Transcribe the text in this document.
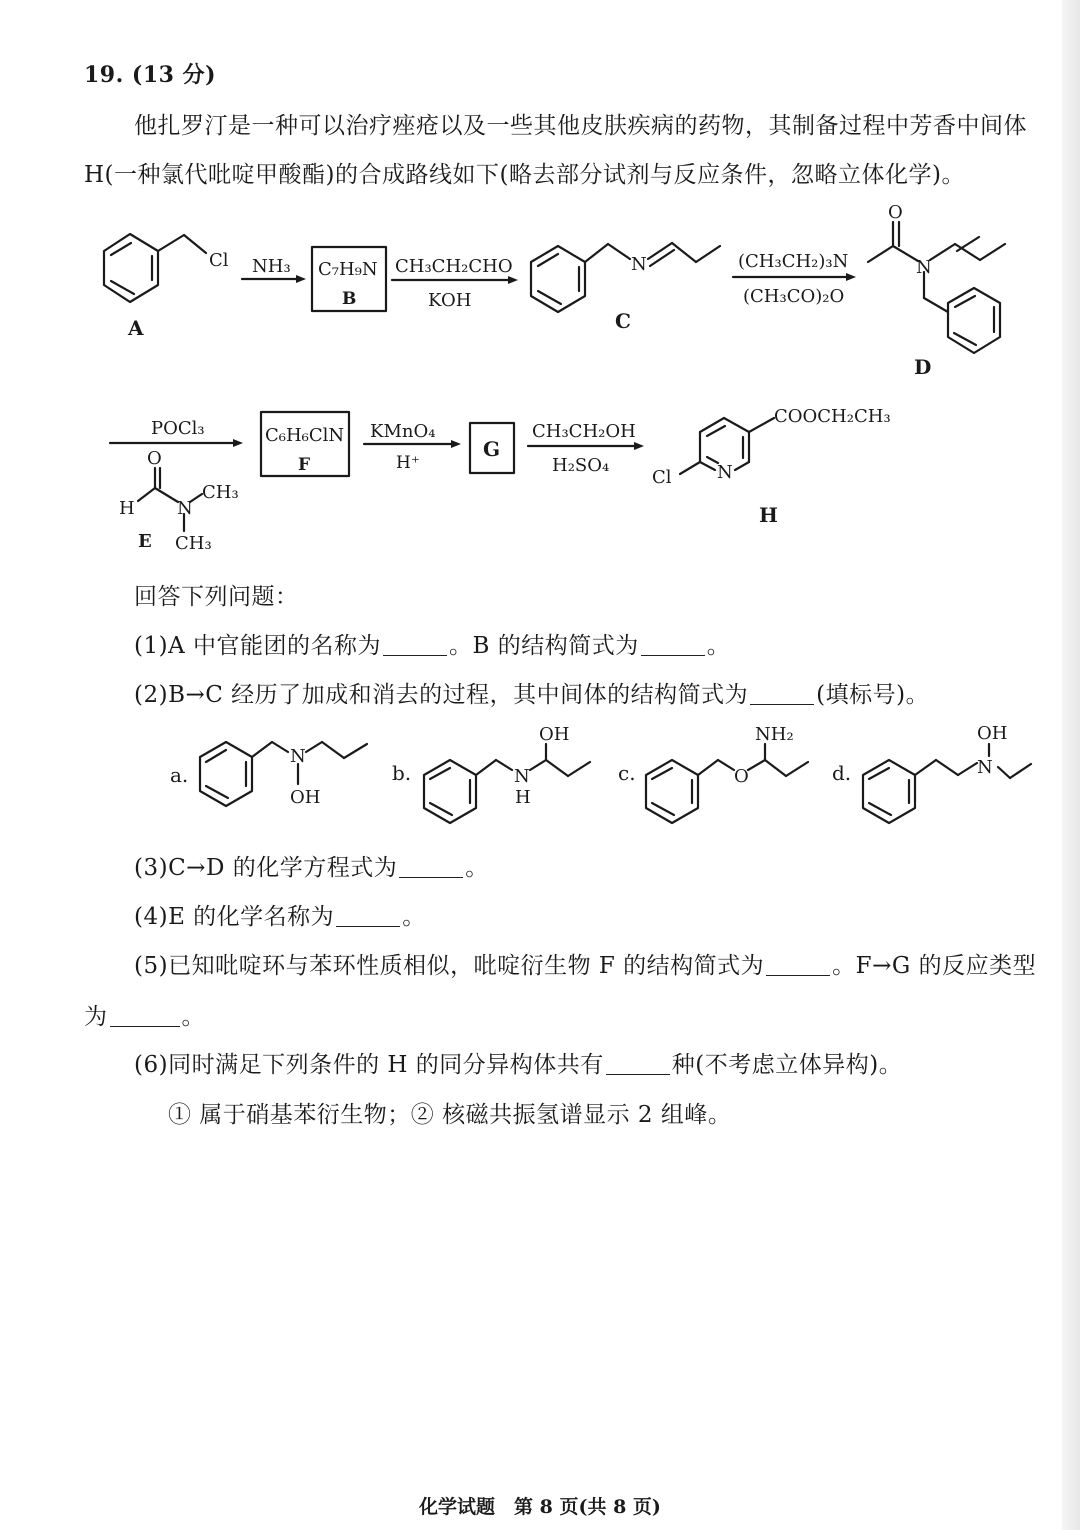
19. (13 分)
他扎罗汀是一种可以治疗痤疮以及一些其他皮肤疾病的药物，其制备过程中芳香中间体
H(一种氯代吡啶甲酸酯)的合成路线如下(略去部分试剂与反应条件，忽略立体化学)。
Cl
A
NH₃ C₇H₉N
B
CH₃CH₂CHO
KOH
N
C
(CH₃CH₂)₃N
(CH₃CO)₂O
O
N
D
POCl₃
O
H N
CH₃
CH₃
E
C₆H₆ClN
F
KMnO₄
H⁺
G
CH₃CH₂OH
H₂SO₄
COOCH₂CH₃
Cl	N
H
a.
N
OH
b.
OH
N
H
c.
NH₂
O	d.
OH
N
回答下列问题：
(1)A 中官能团的名称为	。B 的结构简式为	。
(2)B→C 经历了加成和消去的过程，其中间体的结构简式为	(填标号)。
(3)C→D 的化学方程式为	。
(4)E 的化学名称为	。
(5)已知吡啶环与苯环性质相似，吡啶衍生物 F 的结构简式为	。F→G 的反应类型
为	。
(6)同时满足下列条件的 H 的同分异构体共有	种(不考虑立体异构)。
① 属于硝基苯衍生物；② 核磁共振氢谱显示 2 组峰。
化学试题　第 8 页(共 8 页)
